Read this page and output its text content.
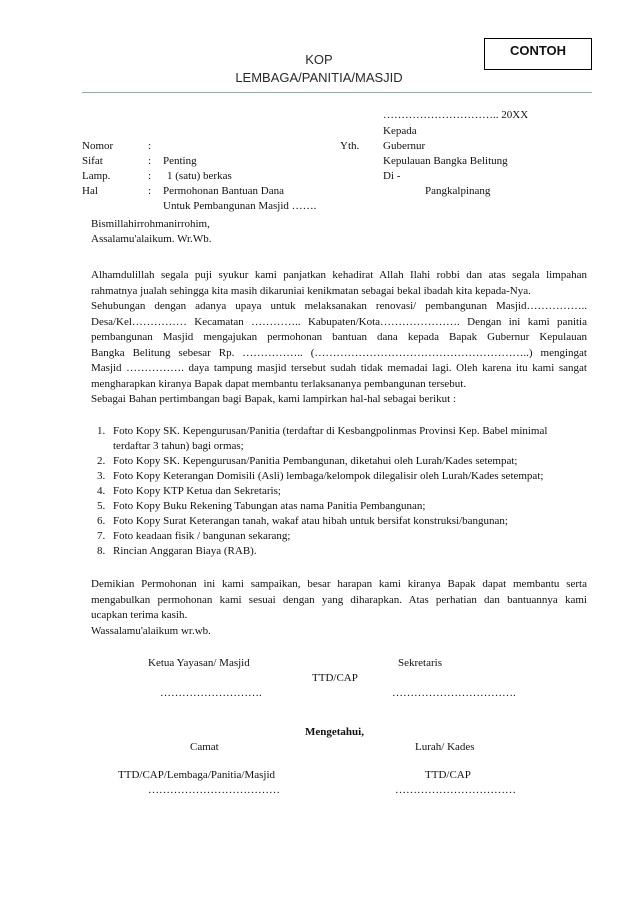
KOP
LEMBAGA/PANITIA/MASJID
CONTOH
………………………….. 20XX
Nomor	:
Sifat	: Penting
Lamp.	: 1 (satu) berkas
Hal	: Permohonan Bantuan Dana
Untuk Pembangunan Masjid …….
Yth.
Kepada
Gubernur
Kepulauan Bangka Belitung
Di -
Pangkalpinang
Bismillahirrohmanirrohim,
Assalamu'alaikum. Wr.Wb.
Alhamdulillah segala puji syukur kami panjatkan kehadirat Allah Ilahi robbi dan atas segala limpahan
rahmatnya jualah sehingga kita masih dikaruniai kenikmatan sebagai bekal ibadah kita kepada-Nya.
Sehubungan dengan adanya upaya untuk melaksanakan renovasi/ pembangunan Masjid……………..
Desa/Kel…………… Kecamatan ………….. Kabupaten/Kota…………………. Dengan ini kami panitia
pembangunan Masjid mengajukan permohonan bantuan dana kepada Bapak Gubernur Kepulauan
Bangka Belitung sebesar Rp. …………….. (…………………………………………………..) mengingat
Masjid ……………. daya tampung masjid tersebut sudah tidak memadai lagi. Oleh karena itu kami sangat
mengharapkan kiranya Bapak dapat membantu terlaksananya pembangunan tersebut.
Sebagai Bahan pertimbangan bagi Bapak, kami lampirkan hal-hal sebagai berikut :
1. Foto Kopy SK. Kepengurusan/Panitia (terdaftar di Kesbangpolinmas Provinsi Kep. Babel minimal
terdaftar 3 tahun) bagi ormas;
2. Foto Kopy SK. Kepengurusan/Panitia Pembangunan, diketahui oleh Lurah/Kades setempat;
3. Foto Kopy Keterangan Domisili (Asli) lembaga/kelompok dilegalisir oleh Lurah/Kades setempat;
4. Foto Kopy KTP Ketua dan Sekretaris;
5. Foto Kopy Buku Rekening Tabungan atas nama Panitia Pembangunan;
6. Foto Kopy Surat Keterangan tanah, wakaf atau hibah untuk bersifat konstruksi/bangunan;
7. Foto keadaan fisik / bangunan sekarang;
8. Rincian Anggaran Biaya (RAB).
Demikian Permohonan ini kami sampaikan, besar harapan kami kiranya Bapak dapat membantu serta
mengabulkan permohonan kami sesuai dengan yang diharapkan. Atas perhatian dan bantuannya kami
ucapkan terima kasih.
Wassalamu'alaikum wr.wb.
Ketua Yayasan/ Masjid	Sekretaris
TTD/CAP
……………………….	…………………………….
Mengetahui,
Camat	Lurah/ Kades
TTD/CAP/Lembaga/Panitia/Masjid	TTD/CAP
………………………………	……………………………
